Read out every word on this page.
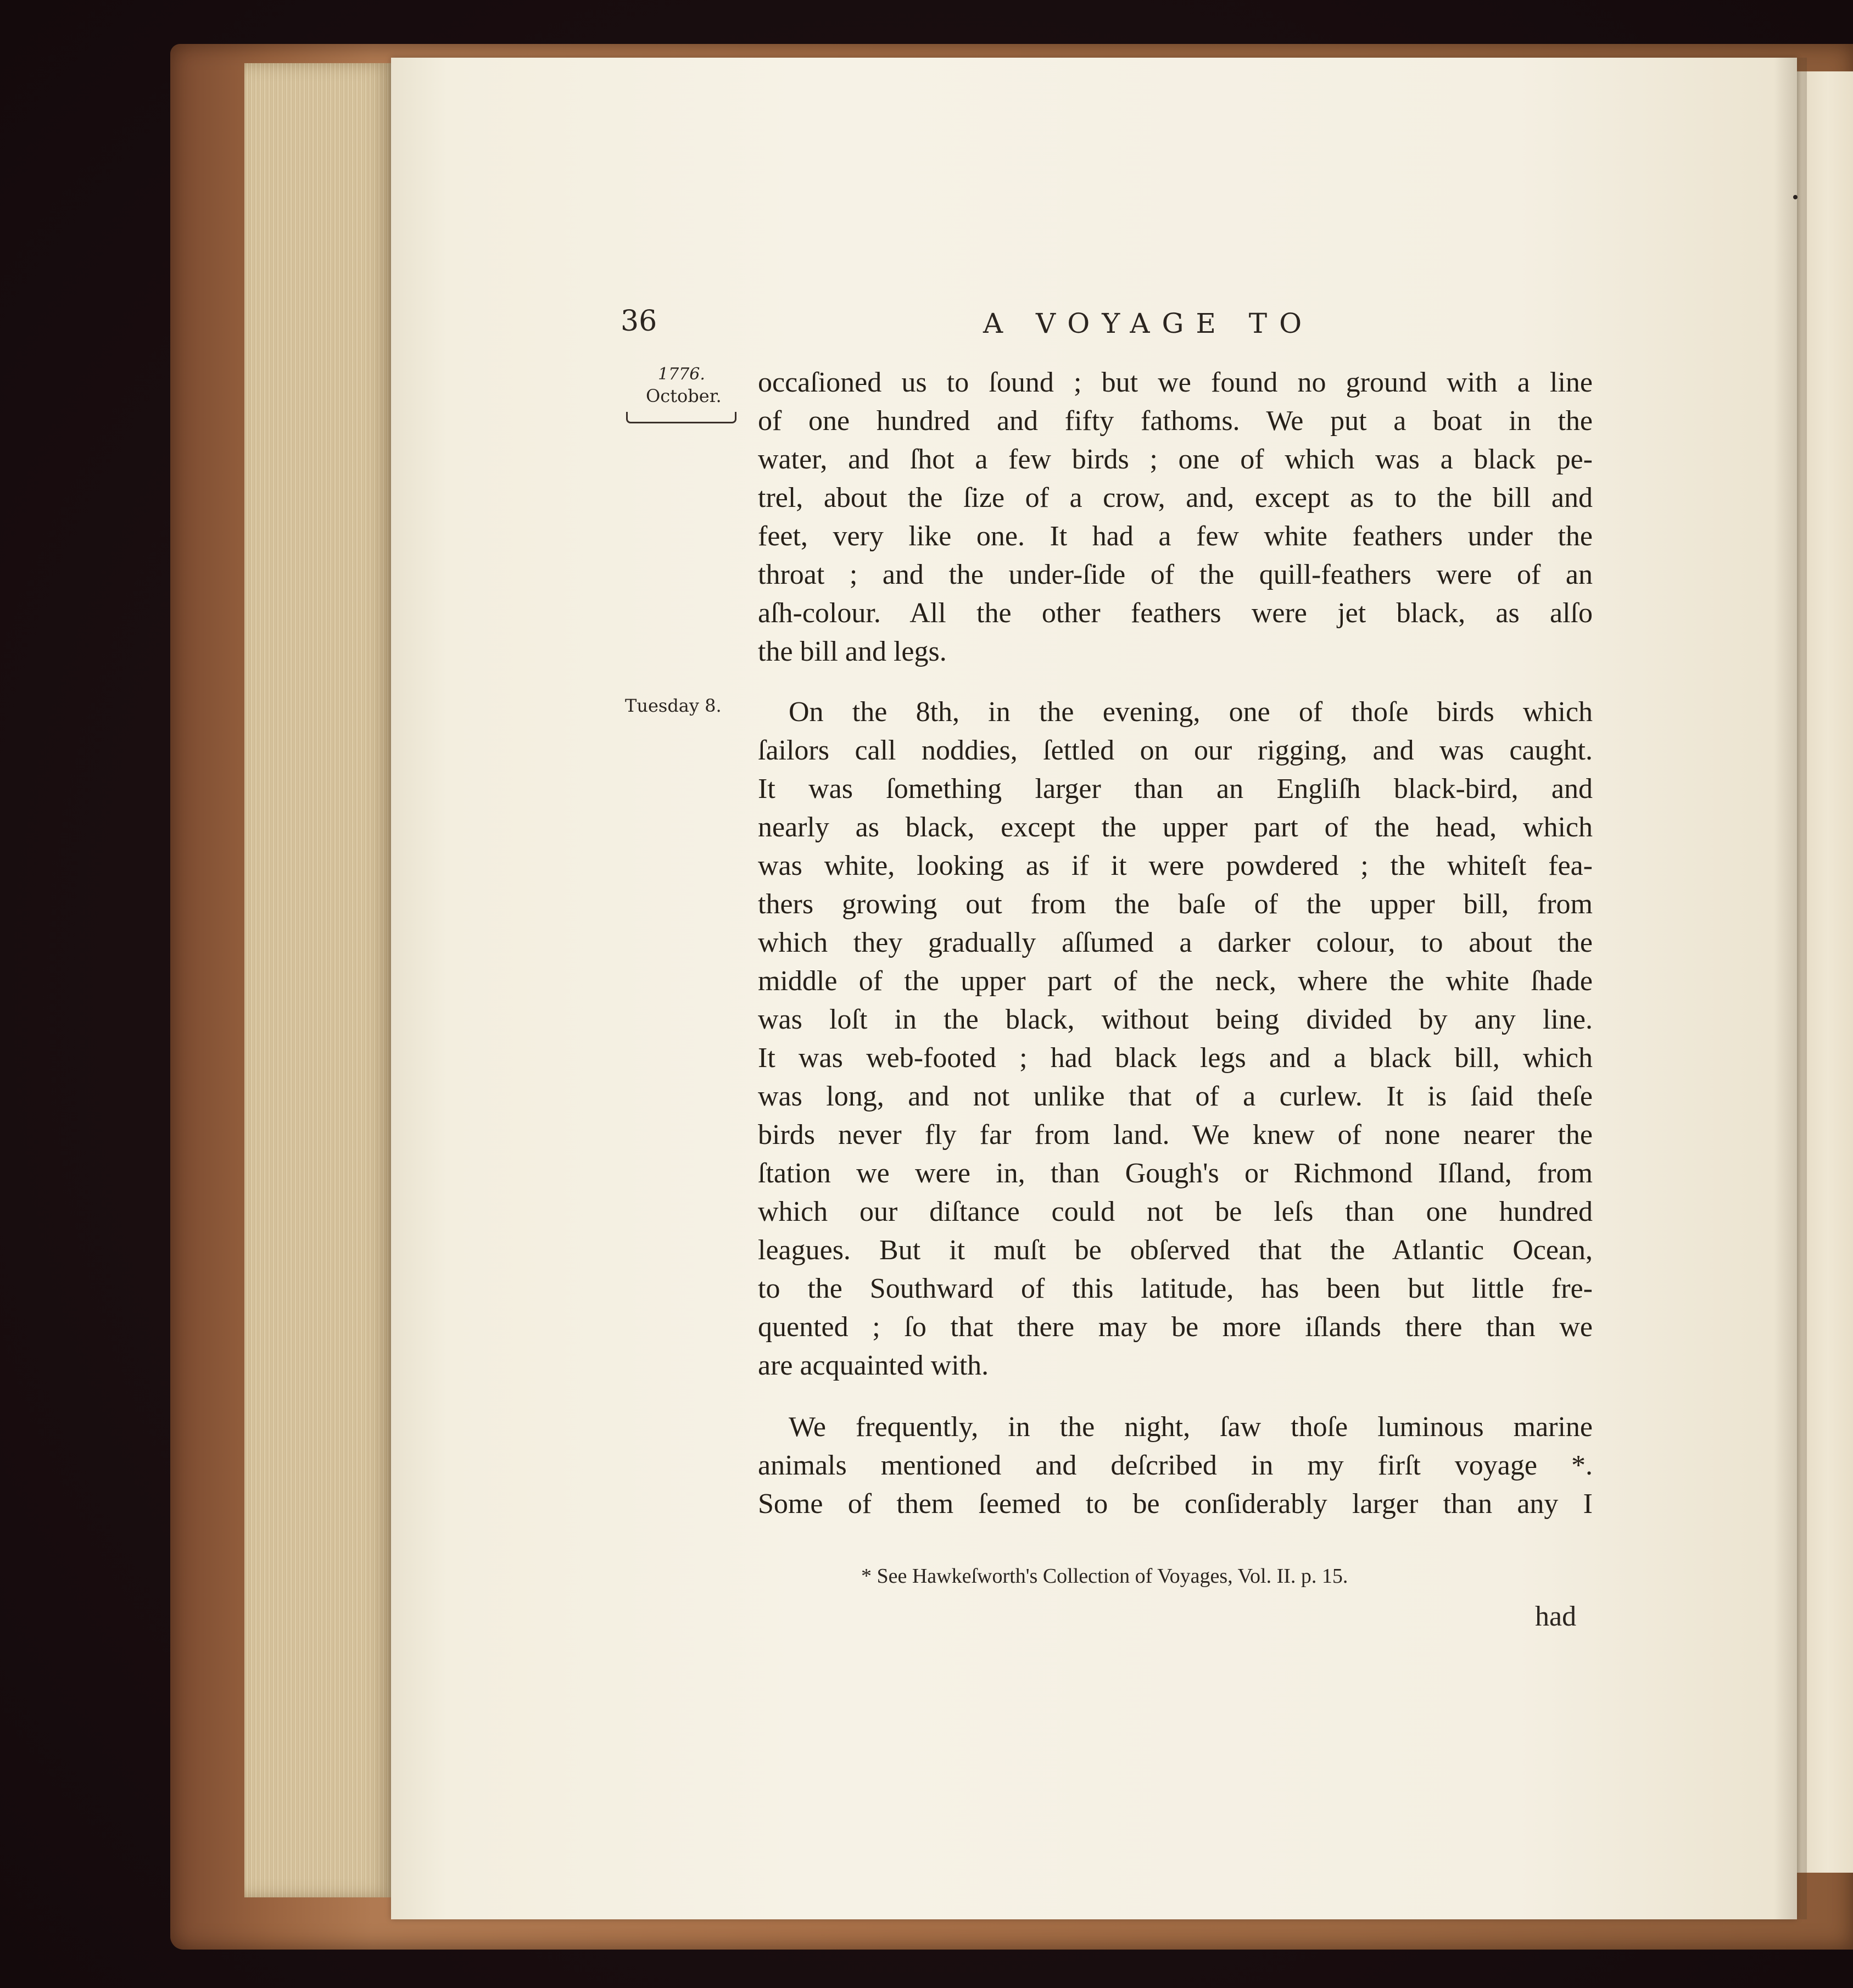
36	A VOYAGE TO
1776.
October.
Tuesday 8.
occaſioned us to ſound ; but we found no ground with a line
of one hundred and fifty fathoms. We put a boat in the
water, and ſhot a few birds ; one of which was a black pe-
trel, about the ſize of a crow, and, except as to the bill and
feet, very like one. It had a few white feathers under the
throat ; and the under-ſide of the quill-feathers were of an
aſh-colour. All the other feathers were jet black, as alſo
the bill and legs.
On the 8th, in the evening, one of thoſe birds which
ſailors call noddies, ſettled on our rigging, and was caught.
It was ſomething larger than an Engliſh black-bird, and
nearly as black, except the upper part of the head, which
was white, looking as if it were powdered ; the whiteſt fea-
thers growing out from the baſe of the upper bill, from
which they gradually aſſumed a darker colour, to about the
middle of the upper part of the neck, where the white ſhade
was loſt in the black, without being divided by any line.
It was web-footed ; had black legs and a black bill, which
was long, and not unlike that of a curlew. It is ſaid theſe
birds never fly far from land. We knew of none nearer the
ſtation we were in, than Gough's or Richmond Iſland, from
which our diſtance could not be leſs than one hundred
leagues. But it muſt be obſerved that the Atlantic Ocean,
to the Southward of this latitude, has been but little fre-
quented ; ſo that there may be more iſlands there than we
are acquainted with.
We frequently, in the night, ſaw thoſe luminous marine
animals mentioned and deſcribed in my firſt voyage *.
Some of them ſeemed to be conſiderably larger than any I
* See Hawkeſworth's Collection of Voyages, Vol. II. p. 15.
had
